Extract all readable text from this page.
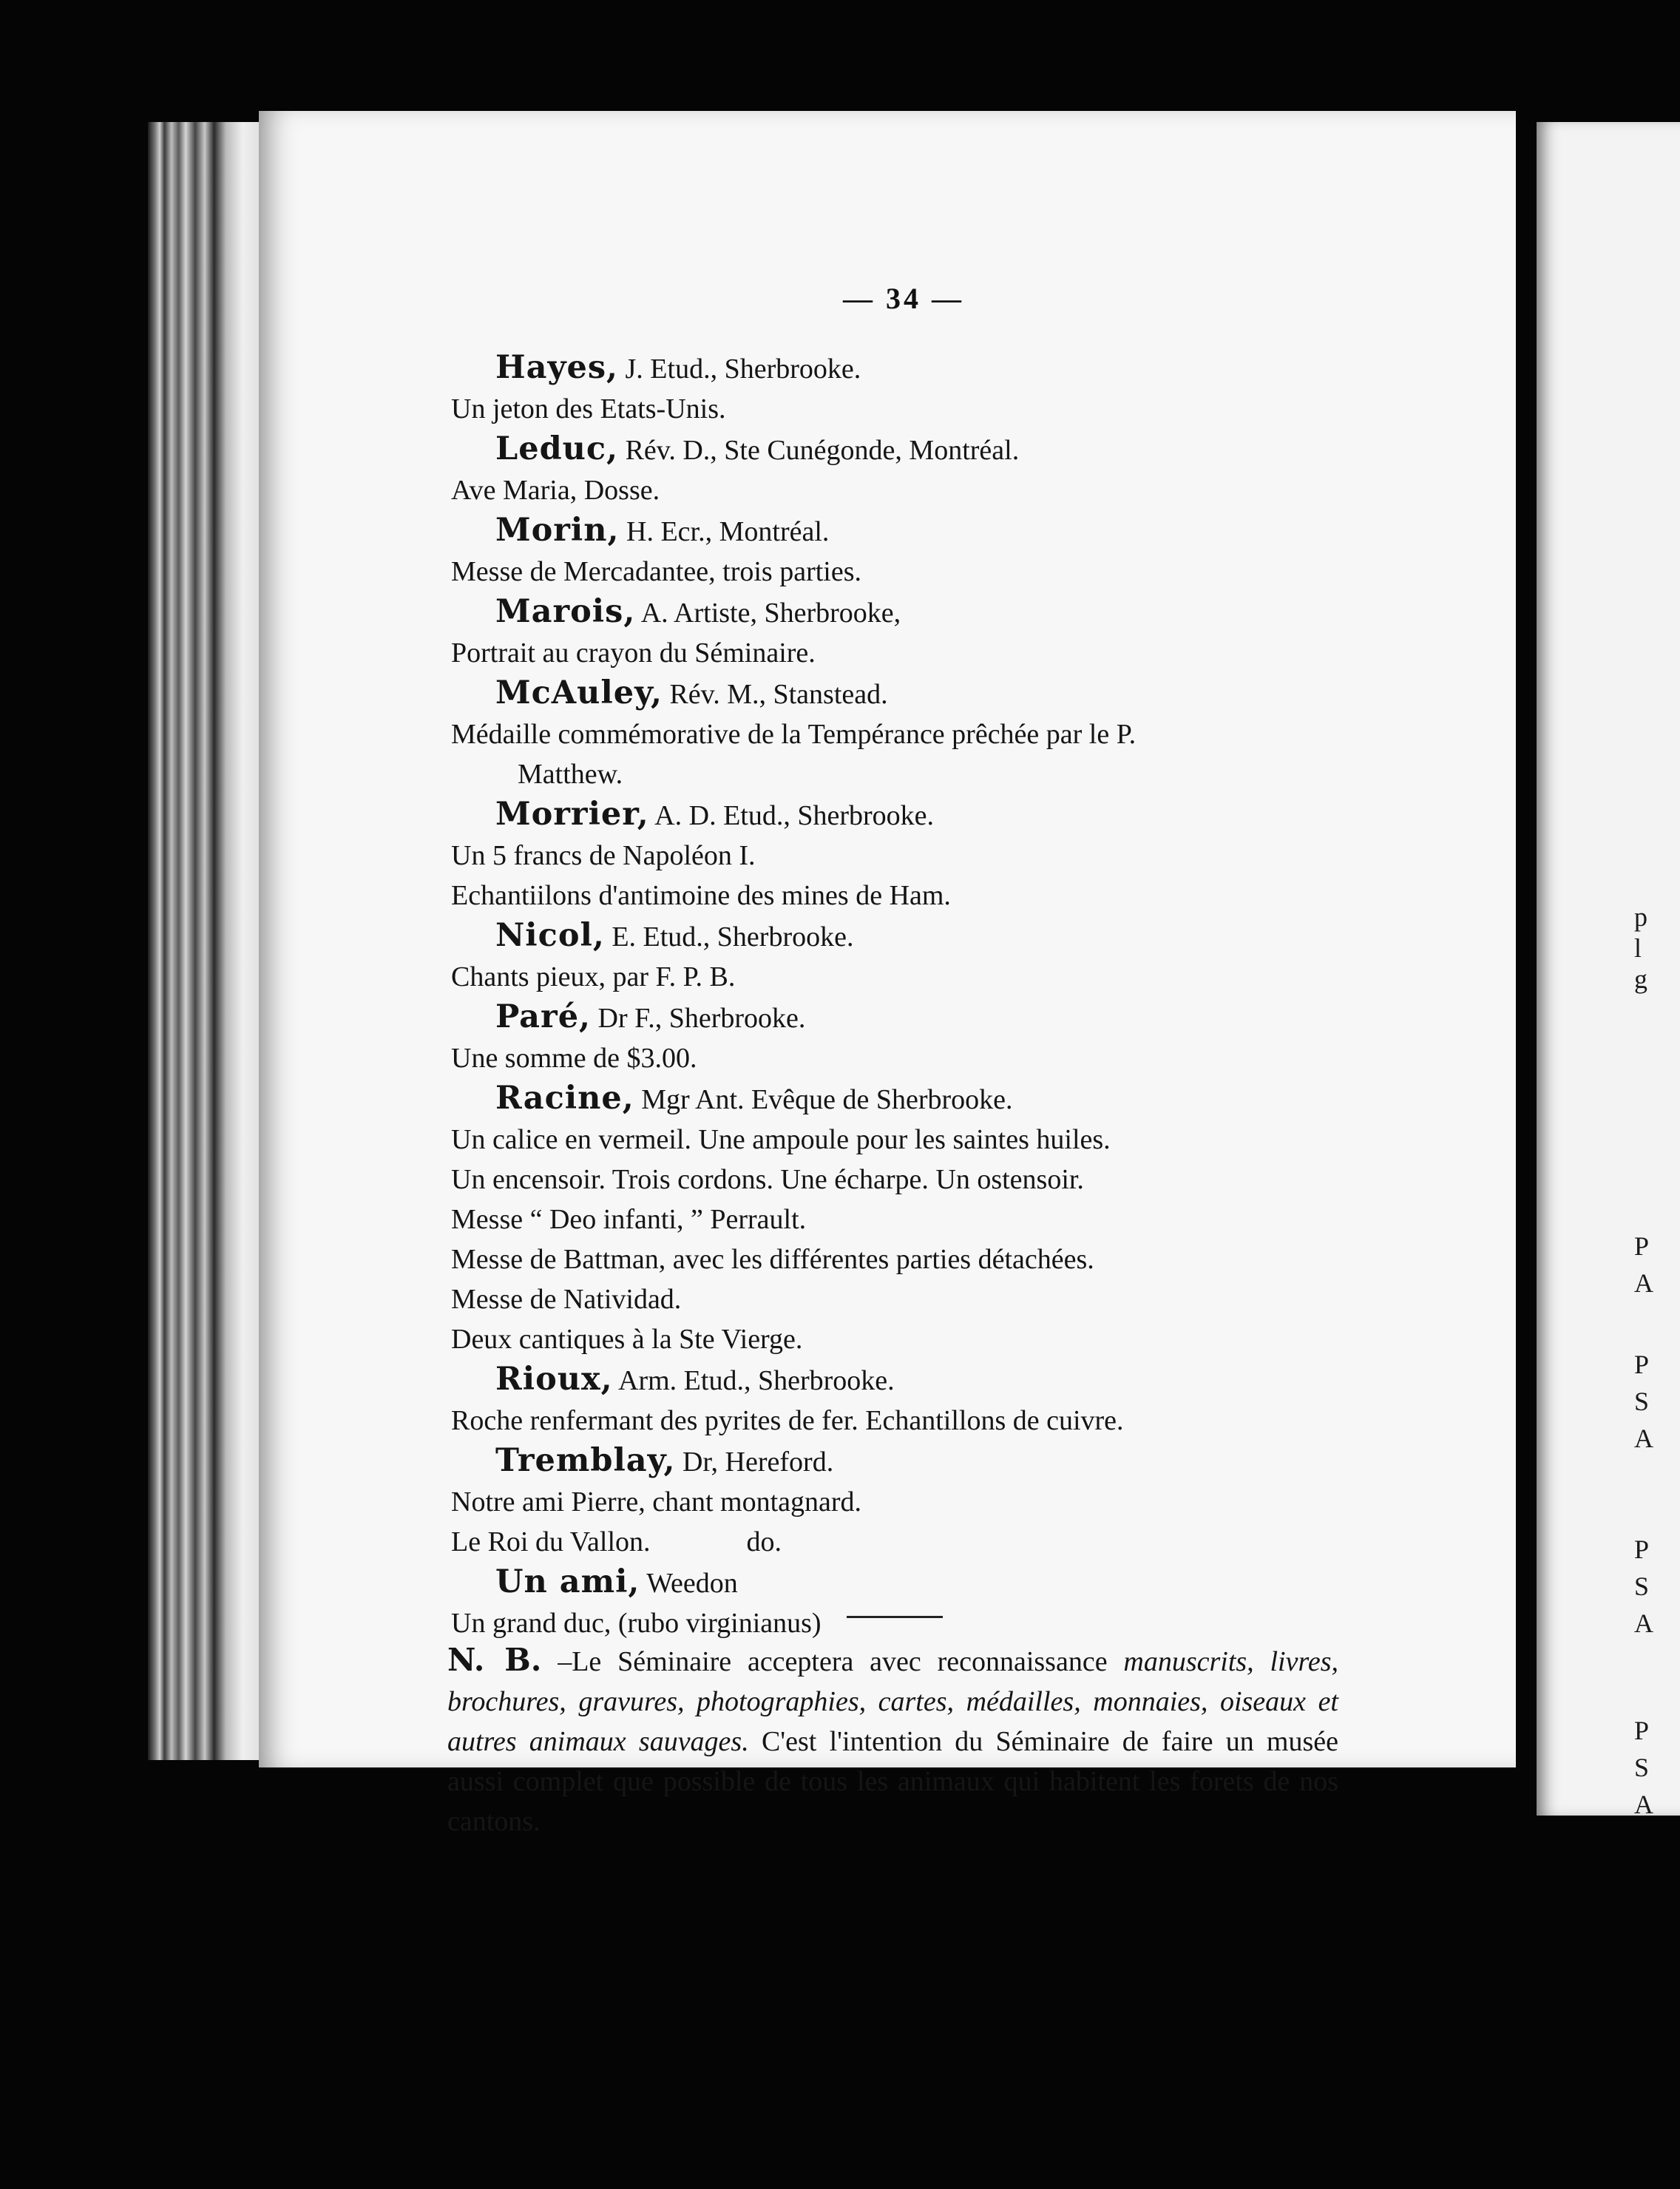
p
l
g
P
A
P
S
A
P
S
A
P
S
A
— 34 —
Hayes, J. Etud., Sherbrooke.
Un jeton des Etats-Unis.
Leduc, Rév. D., Ste Cunégonde, Montréal.
Ave Maria, Dosse.
Morin, H. Ecr., Montréal.
Messe de Mercadantee, trois parties.
Marois, A. Artiste, Sherbrooke,
Portrait au crayon du Séminaire.
McAuley, Rév. M., Stanstead.
Médaille commémorative de la Tempérance prêchée par le P.
Matthew.
Morrier, A. D. Etud., Sherbrooke.
Un 5 francs de Napoléon I.
Echantiilons d'antimoine des mines de Ham.
Nicol, E. Etud., Sherbrooke.
Chants pieux, par F. P. B.
Paré, Dr F., Sherbrooke.
Une somme de $3.00.
Racine, Mgr Ant. Evêque de Sherbrooke.
Un calice en vermeil. Une ampoule pour les saintes huiles.
Un encensoir. Trois cordons. Une écharpe. Un ostensoir.
Messe “ Deo infanti, ” Perrault.
Messe de Battman, avec les différentes parties détachées.
Messe de Natividad.
Deux cantiques à la Ste Vierge.
Rioux, Arm. Etud., Sherbrooke.
Roche renfermant des pyrites de fer. Echantillons de cuivre.
Tremblay, Dr, Hereford.
Notre ami Pierre, chant montagnard.
Le Roi du Vallon.	do.
Un ami, Weedon
Un grand duc, (rubo virginianus)
N. B. –Le Séminaire acceptera avec reconnaissance manuscrits, livres, brochures, gravures, photographies, cartes, médailles, monnaies, oiseaux et autres animaux sauvages. C'est l'intention du Séminaire de faire un musée aussi complet que possible de tous les animaux qui habitent les forets de nos cantons.
